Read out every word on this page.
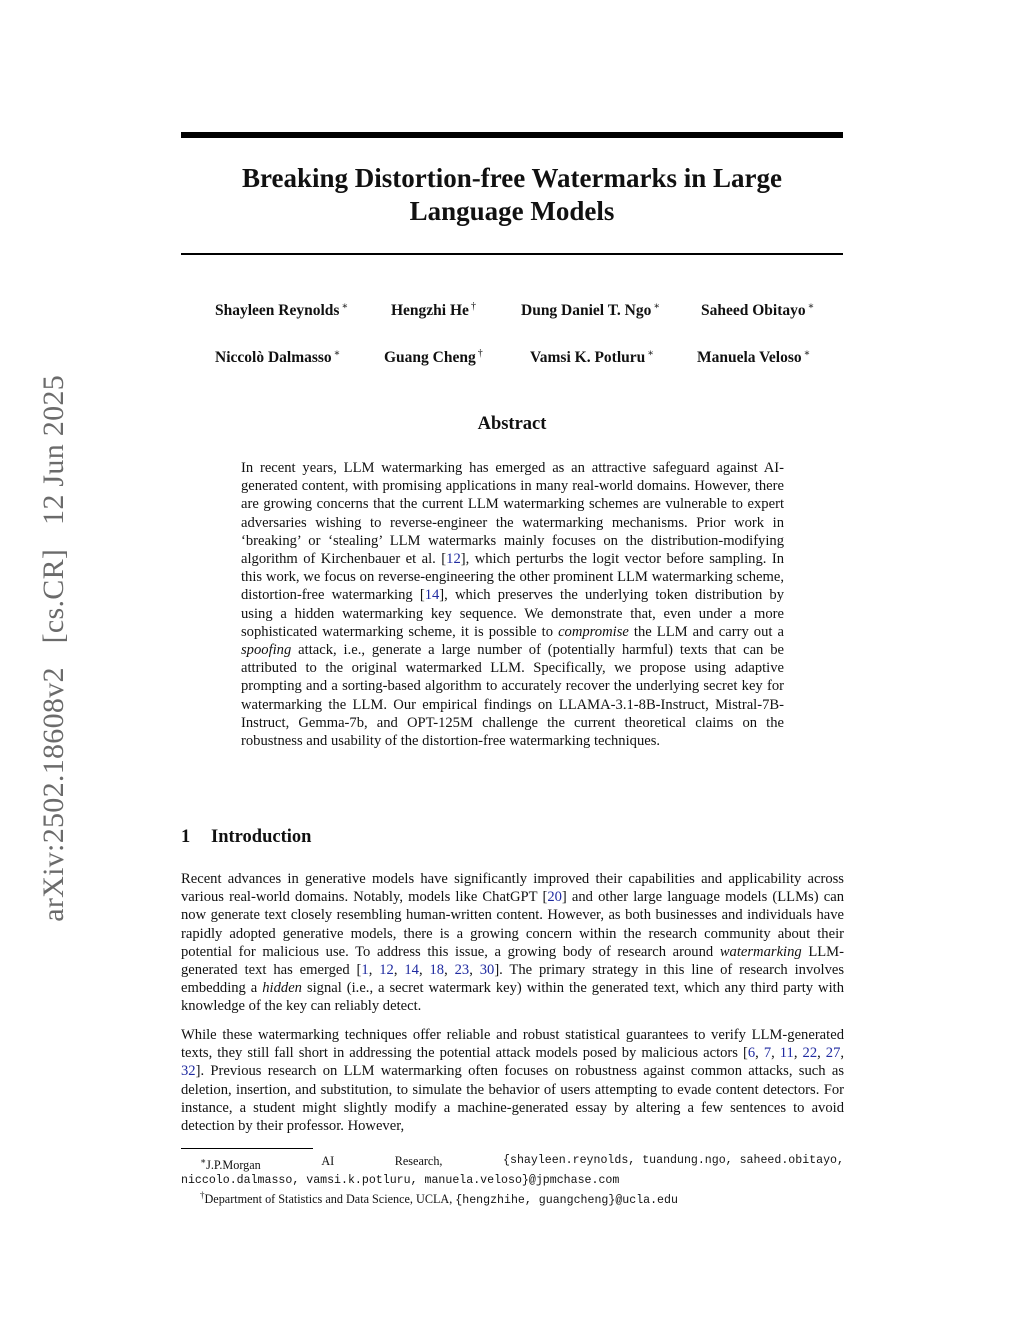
arXiv:2502.18608v2 [cs.CR] 12 Jun 2025
Breaking Distortion-free Watermarks in Large
Language Models
Shayleen Reynolds ∗	Hengzhi He †	Dung Daniel T. Ngo ∗	Saheed Obitayo ∗
Niccolò Dalmasso ∗	Guang Cheng †	Vamsi K. Potluru ∗	Manuela Veloso ∗
Abstract
In recent years, LLM watermarking has emerged as an attractive safeguard against AI-generated content, with promising applications in many real-world domains. However, there are growing concerns that the current LLM watermarking schemes are vulnerable to expert adversaries wishing to reverse-engineer the watermarking mechanisms. Prior work in ‘breaking’ or ‘stealing’ LLM watermarks mainly focuses on the distribution-modifying algorithm of Kirchenbauer et al. [12], which perturbs the logit vector before sampling. In this work, we focus on reverse-engineering the other prominent LLM watermarking scheme, distortion-free watermarking [14], which preserves the underlying token distribution by using a hidden watermarking key sequence. We demonstrate that, even under a more sophisticated watermarking scheme, it is possible to compromise the LLM and carry out a spoofing attack, i.e., generate a large number of (potentially harmful) texts that can be attributed to the original watermarked LLM. Specifically, we propose using adaptive prompting and a sorting-based algorithm to accurately recover the underlying secret key for watermarking the LLM. Our empirical findings on LLAMA-3.1-8B-Instruct, Mistral-7B-Instruct, Gemma-7b, and OPT-125M challenge the current theoretical claims on the robustness and usability of the distortion-free watermarking techniques.
1 Introduction
Recent advances in generative models have significantly improved their capabilities and applicability across various real-world domains. Notably, models like ChatGPT [20] and other large language models (LLMs) can now generate text closely resembling human-written content. However, as both businesses and individuals have rapidly adopted generative models, there is a growing concern within the research community about their potential for malicious use. To address this issue, a growing body of research around watermarking LLM-generated text has emerged [1, 12, 14, 18, 23, 30]. The primary strategy in this line of research involves embedding a hidden signal (i.e., a secret watermark key) within the generated text, which any third party with knowledge of the key can reliably detect.
While these watermarking techniques offer reliable and robust statistical guarantees to verify LLM-generated texts, they still fall short in addressing the potential attack models posed by malicious actors [6, 7, 11, 22, 27, 32]. Previous research on LLM watermarking often focuses on robustness against common attacks, such as deletion, insertion, and substitution, to simulate the behavior of users attempting to evade content detectors. For instance, a student might slightly modify a machine-generated essay by altering a few sentences to avoid detection by their professor. However,
∗J.P.Morgan	AI	Research,	{shayleen.reynolds, tuandung.ngo, saheed.obitayo,
niccolo.dalmasso, vamsi.k.potluru, manuela.veloso}@jpmchase.com
†Department of Statistics and Data Science, UCLA, {hengzhihe, guangcheng}@ucla.edu
